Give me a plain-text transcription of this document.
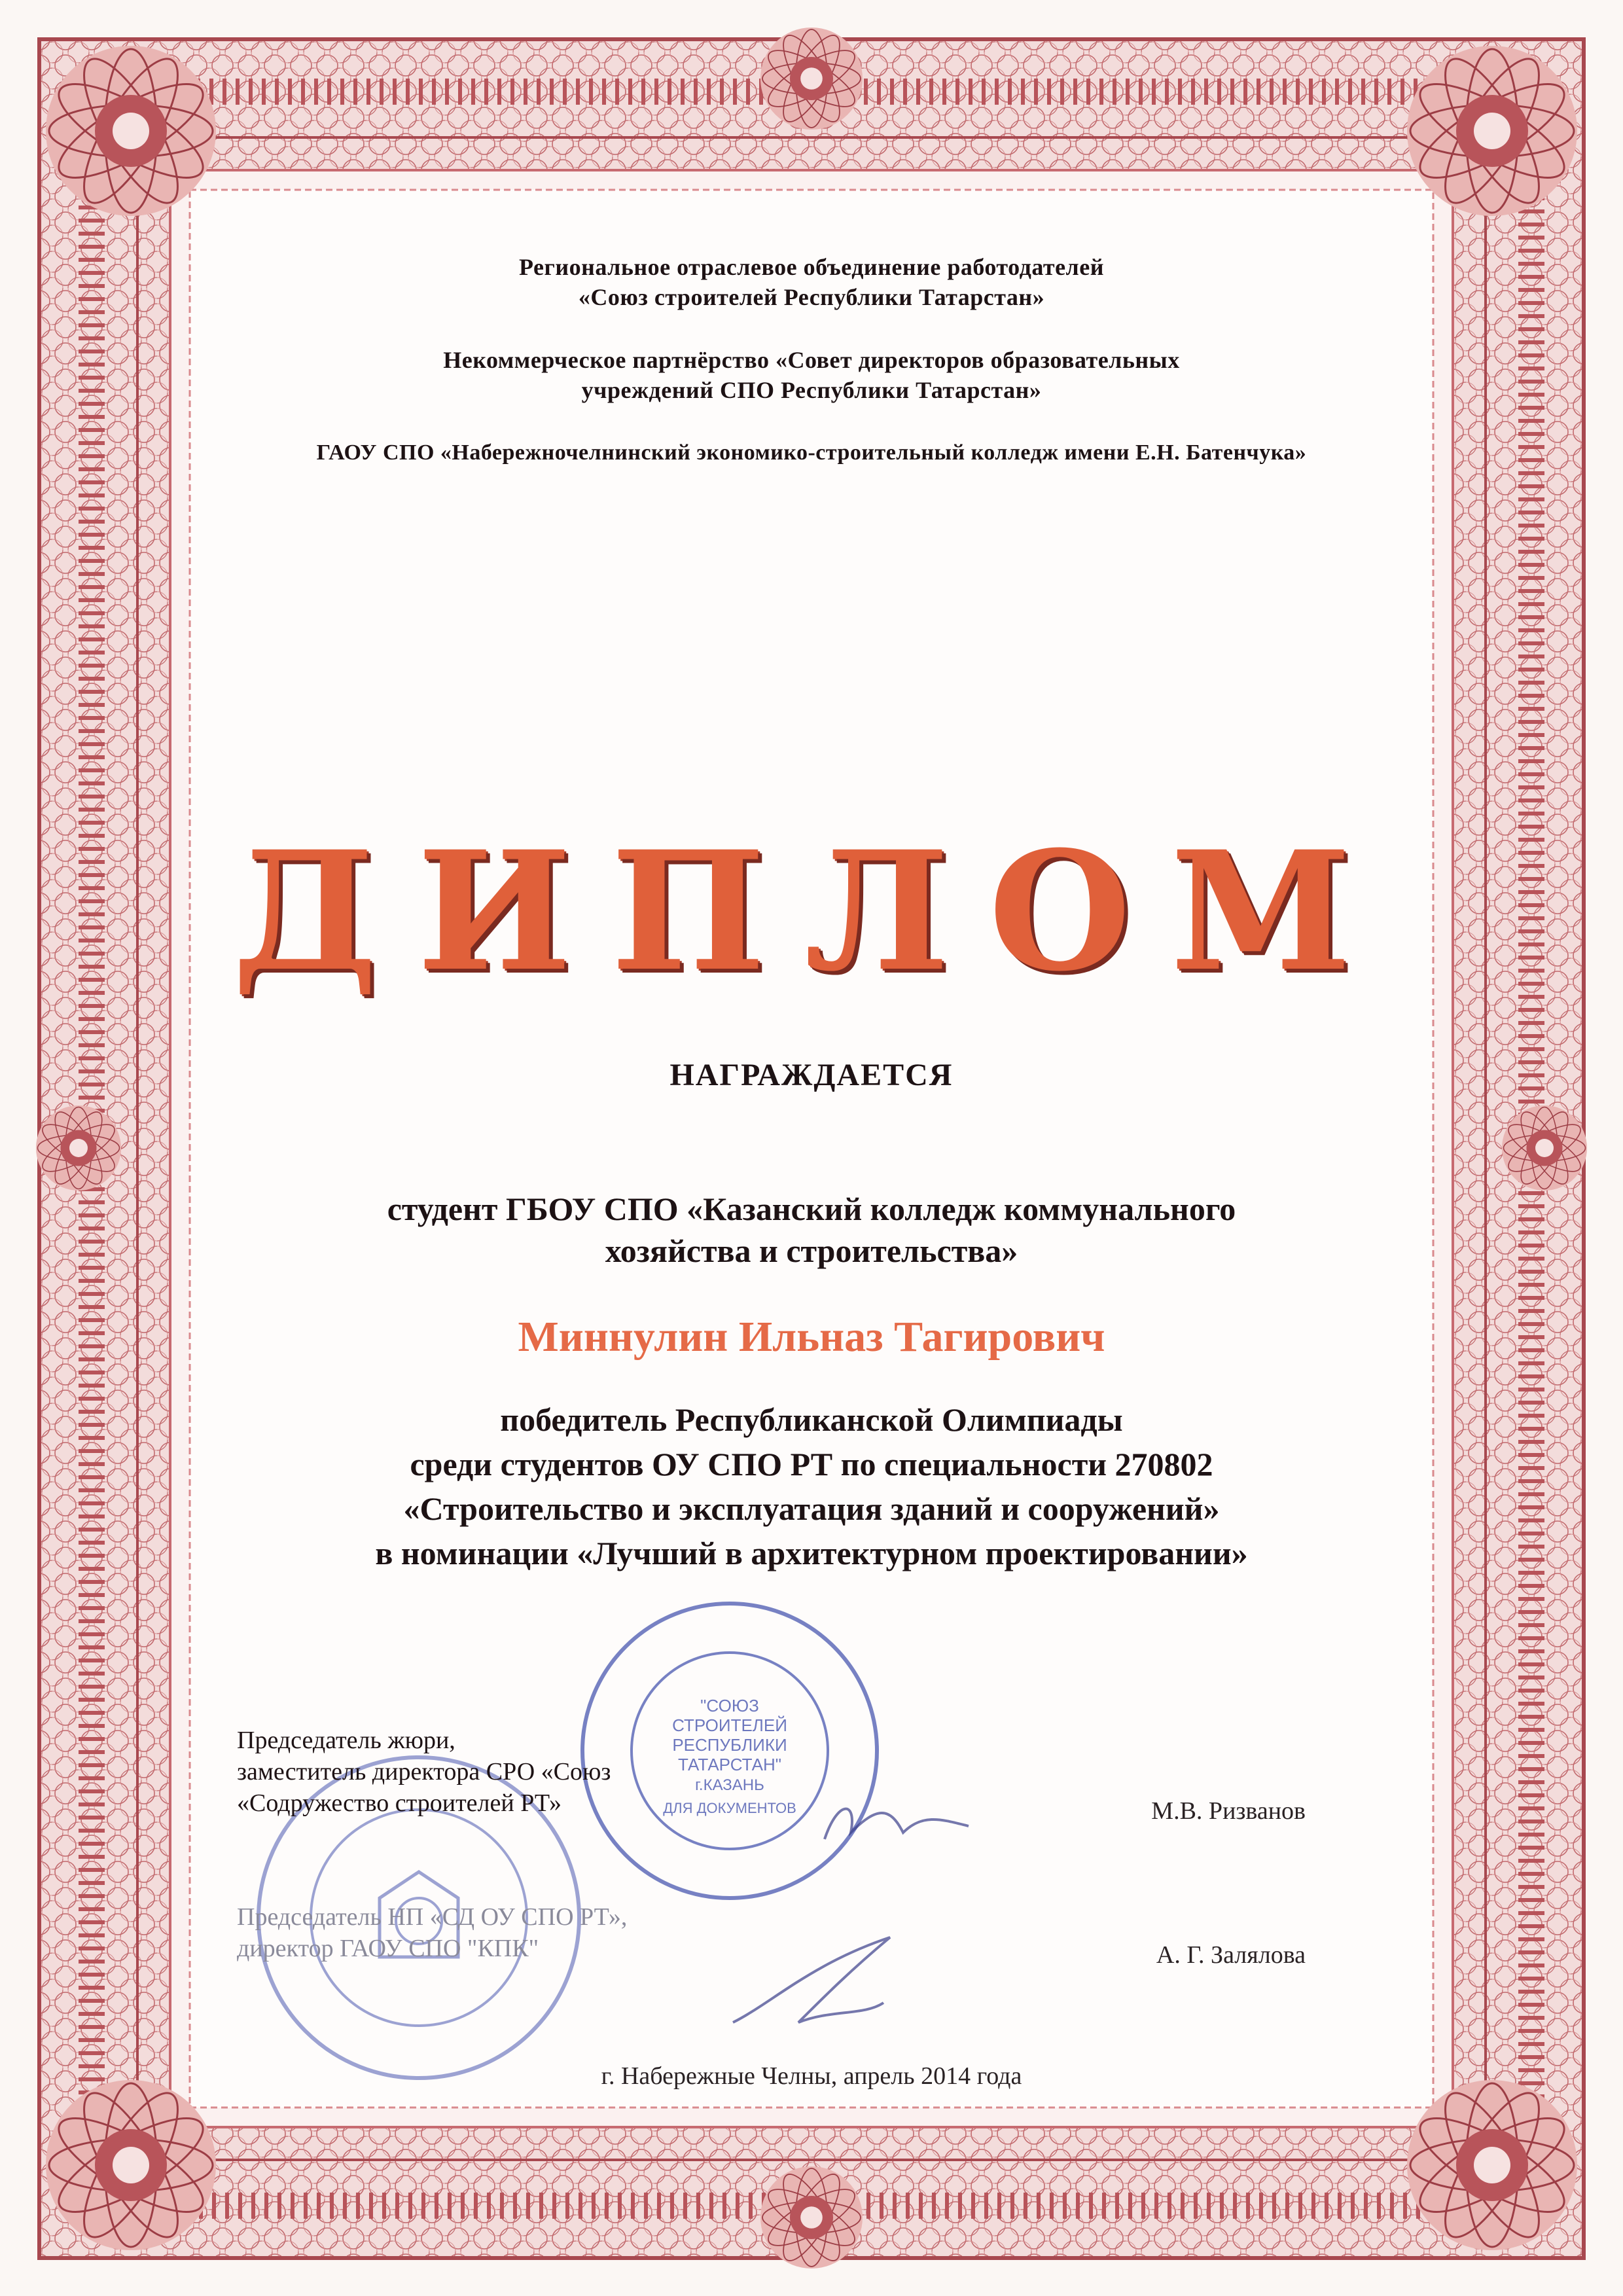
Региональное отраслевое объединение работодателей
«Союз строителей Республики Татарстан»
Некоммерческое партнёрство «Совет директоров образовательных
учреждений СПО Республики Татарстан»
ГАОУ СПО «Набережночелнинский экономико-строительный колледж имени Е.Н. Батенчука»
ДИПЛОМ
НАГРАЖДАЕТСЯ
студент ГБОУ СПО «Казанский колледж коммунального
хозяйства и строительства»
Миннулин Ильназ Тагирович
победитель Республиканской Олимпиады
среди студентов ОУ СПО РТ по специальности 270802
«Строительство и эксплуатация зданий и сооружений»
в номинации «Лучший в архитектурном проектировании»
"СОЮЗ
СТРОИТЕЛЕЙ
РЕСПУБЛИКИ
ТАТАРСТАН"
г.КАЗАНЬ
ДЛЯ ДОКУМЕНТОВ
Председатель жюри,
заместитель директора СРО «Союз
«Содружество строителей РТ»	М.В. Ризванов
Председатель НП «СД ОУ СПО РТ»,
директор ГАОУ СПО "КПК"	А. Г. Залялова
г. Набережные Челны, апрель 2014 года
